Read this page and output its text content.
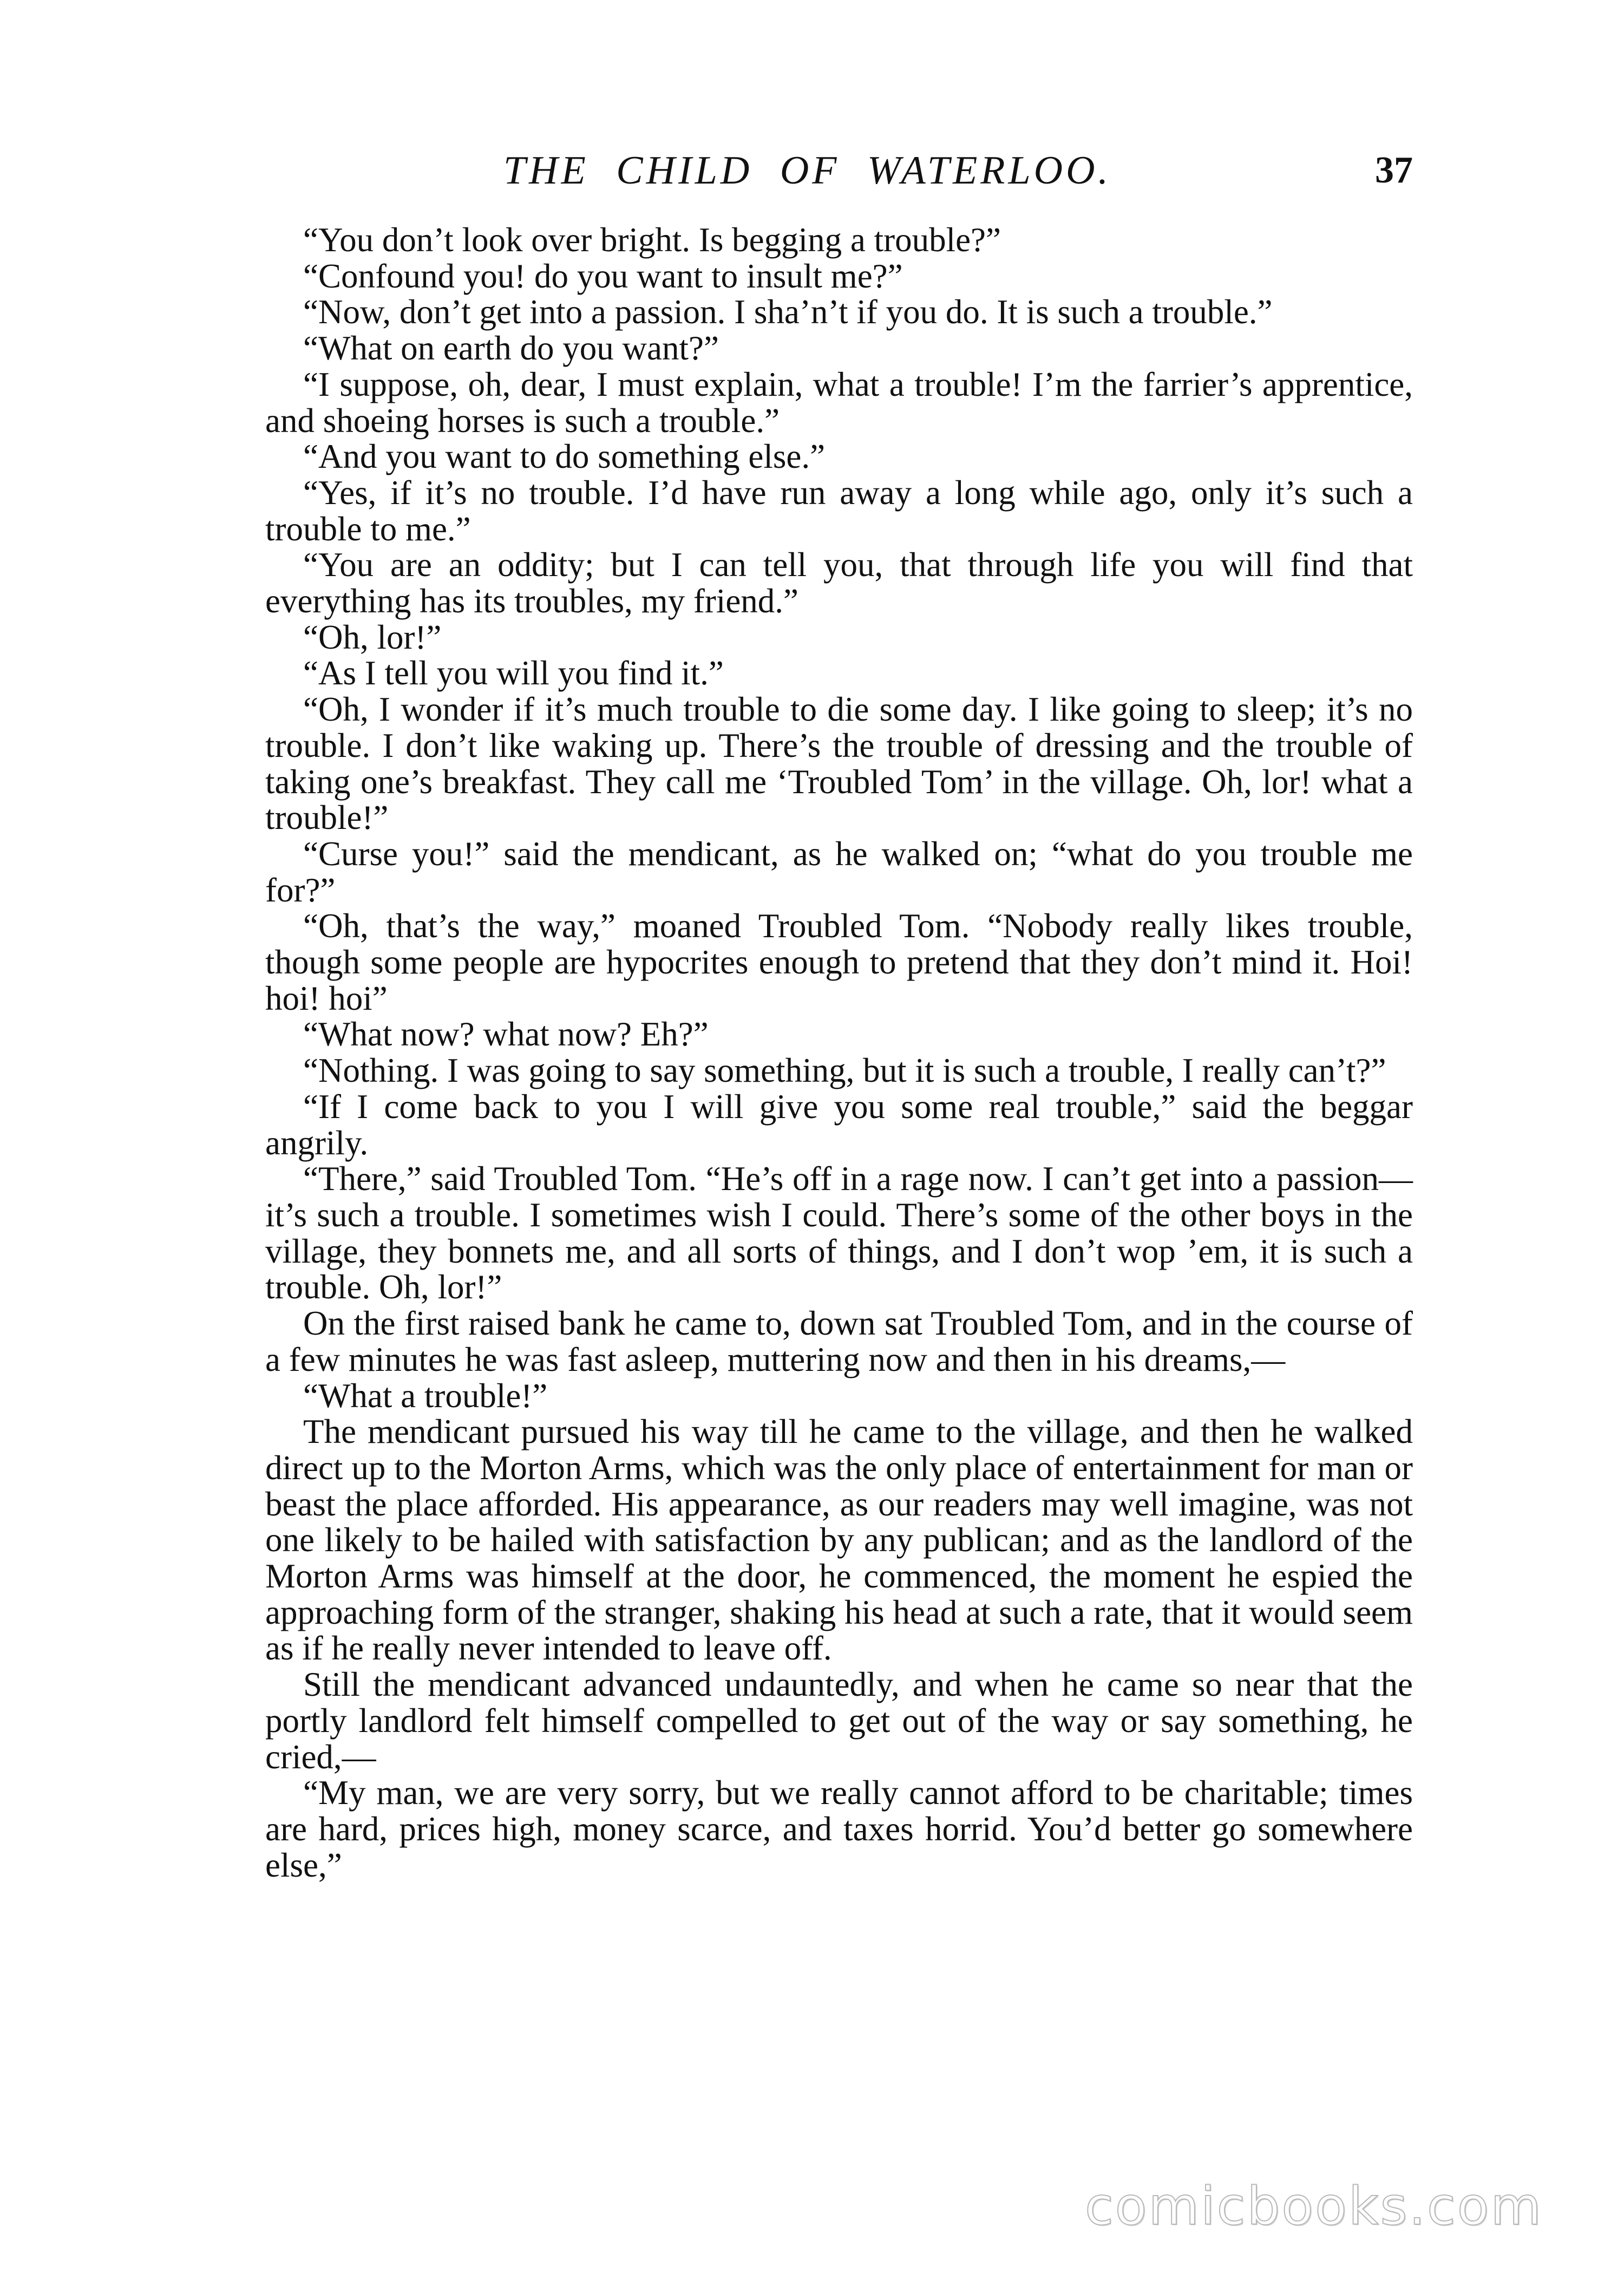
THE CHILD OF WATERLOO.	37

“You don’t look over bright. Is begging a trouble?”

“Confound you! do you want to insult me?”

“Now, don’t get into a passion. I sha’n’t if you do. It is such a trouble.”

“What on earth do you want?”

“I suppose, oh, dear, I must explain, what a trouble! I’m the farrier’s apprentice, and shoeing horses is such a trouble.”

“And you want to do something else.”

“Yes, if it’s no trouble. I’d have run away a long while ago, only it’s such a trouble to me.”

“You are an oddity; but I can tell you, that through life you will find that everything has its troubles, my friend.”

“Oh, lor!”

“As I tell you will you find it.”

“Oh, I wonder if it’s much trouble to die some day. I like going to sleep; it’s no trouble. I don’t like waking up. There’s the trouble of dressing and the trouble of taking one’s breakfast. They call me ‘Troubled Tom’ in the village. Oh, lor! what a trouble!”

“Curse you!” said the mendicant, as he walked on; “what do you trouble me for?”

“Oh, that’s the way,” moaned Troubled Tom. “Nobody really likes trouble, though some people are hypocrites enough to pretend that they don’t mind it. Hoi! hoi! hoi”

“What now? what now? Eh?”

“Nothing. I was going to say something, but it is such a trouble, I really can’t?”

“If I come back to you I will give you some real trouble,” said the beggar angrily.

“There,” said Troubled Tom. “He’s off in a rage now. I can’t get into a passion—it’s such a trouble. I sometimes wish I could. There’s some of the other boys in the village, they bonnets me, and all sorts of things, and I don’t wop ’em, it is such a trouble. Oh, lor!”

On the first raised bank he came to, down sat Troubled Tom, and in the course of a few minutes he was fast asleep, muttering now and then in his dreams,—

“What a trouble!”

The mendicant pursued his way till he came to the village, and then he walked direct up to the Morton Arms, which was the only place of entertainment for man or beast the place afforded. His appearance, as our readers may well imagine, was not one likely to be hailed with satisfaction by any publican; and as the landlord of the Morton Arms was himself at the door, he commenced, the moment he espied the approaching form of the stranger, shaking his head at such a rate, that it would seem as if he really never intended to leave off.

Still the mendicant advanced undauntedly, and when he came so near that the portly landlord felt himself compelled to get out of the way or say something, he cried,—

“My man, we are very sorry, but we really cannot afford to be charitable; times are hard, prices high, money scarce, and taxes horrid. You’d better go somewhere else,”

comicbooks.com
